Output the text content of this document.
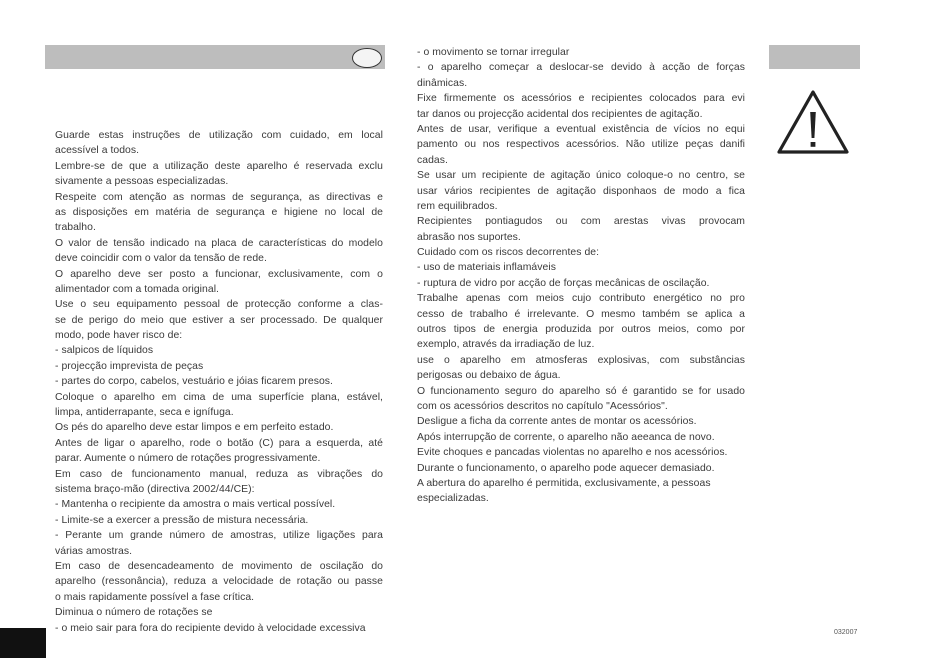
Guarde estas instruções de utilização com cuidado, em local
acessível a todos.
Lembre-se de que a utilização deste aparelho é reservada exclu
sivamente a pessoas especializadas.
Respeite com atenção as normas de segurança, as directivas e
as disposições em matéria de segurança e higiene no local de
trabalho.
O valor de tensão indicado na placa de características do modelo
deve coincidir com o valor da tensão de rede.
O aparelho deve ser posto a funcionar, exclusivamente, com o
alimentador com a tomada original.
Use o seu equipamento pessoal de protecção conforme a clas-
se de perigo do meio que estiver a ser processado. De qualquer
modo, pode haver risco de:
- salpicos de líquidos
- projecção imprevista de peças
- partes do corpo, cabelos, vestuário e jóias ficarem presos.
Coloque o aparelho em cima de uma superfície plana, estável,
limpa, antiderrapante, seca e ignífuga.
Os pés do aparelho deve estar limpos e em perfeito estado.
Antes de ligar o aparelho, rode o botão (C) para a esquerda, até
parar. Aumente o número de rotações progressivamente.
Em caso de funcionamento manual, reduza as vibrações do
sistema braço-mão (directiva 2002/44/CE):
- Mantenha o recipiente da amostra o mais vertical possível.
- Limite-se a exercer a pressão de mistura necessária.
- Perante um grande número de amostras, utilize ligações para
várias amostras.
Em caso de desencadeamento de movimento de oscilação do
aparelho (ressonância), reduza a velocidade de rotação ou passe
o mais rapidamente possível a fase crítica.
Diminua o número de rotações se
- o meio sair para fora do recipiente devido à velocidade excessiva
- o movimento se tornar irregular
- o aparelho começar a deslocar-se devido à acção de forças
dinâmicas.
Fixe firmemente os acessórios e recipientes colocados para evi
tar danos ou projecção acidental dos recipientes de agitação.
Antes de usar, verifique a eventual existência de vícios no equi
pamento ou nos respectivos acessórios. Não utilize peças danifi
cadas.
Se usar um recipiente de agitação único coloque-o no centro, se
usar vários recipientes de agitação disponhaos de modo a fica
rem equilibrados.
Recipientes pontiagudos ou com arestas vivas provocam
abrasão nos suportes.
Cuidado com os riscos decorrentes de:
- uso de materiais inflamáveis
- ruptura de vidro por acção de forças mecânicas de oscilação.
Trabalhe apenas com meios cujo contributo energético no pro
cesso de trabalho é irrelevante. O mesmo também se aplica a
outros tipos de energia produzida por outros meios, como por
exemplo, através da irradiação de luz.
use o aparelho em atmosferas explosivas, com substâncias
perigosas ou debaixo de água.
O funcionamento seguro do aparelho só é garantido se for usado
com os acessórios descritos no capítulo "Acessórios".
Desligue a ficha da corrente antes de montar os acessórios.
Após interrupção de corrente, o aparelho não aeeanca de novo.
Evite choques e pancadas violentas no aparelho e nos acessórios.
Durante o funcionamento, o aparelho pode aquecer demasiado.
A abertura do aparelho é permitida, exclusivamente, a pessoas
especializadas.
032007
